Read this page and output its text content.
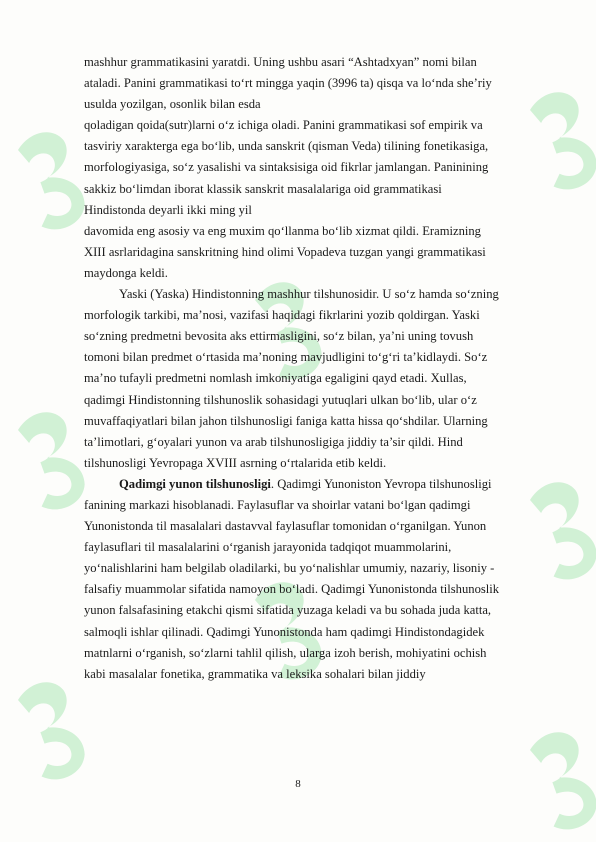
mashhur grammatikasini yaratdi. Uning ushbu asari “Ashtadxyan” nomi bilan
ataladi. Panini grammatikasi to‘rt mingga yaqin (3996 ta) qisqa va lo‘nda she’riy
usulda yozilgan, osonlik bilan esda
qoladigan qoida(sutr)larni o‘z ichiga oladi. Panini grammatikasi sof empirik va
tasviriy xarakterga ega bo‘lib, unda sanskrit (qisman Veda) tilining fonetikasiga,
morfologiyasiga, so‘z yasalishi va sintaksisiga oid fikrlar jamlangan. Paninining
sakkiz bo‘limdan iborat klassik sanskrit masalalariga oid grammatikasi
Hindistonda deyarli ikki ming yil
davomida eng asosiy va eng muxim qo‘llanma bo‘lib xizmat qildi. Eramizning
XIII asrlaridagina sanskritning hind olimi Vopadeva tuzgan yangi grammatikasi
maydonga keldi.
Yaski (Yaska) Hindistonning mashhur tilshunosidir. U so‘z hamda so‘zning
morfologik tarkibi, ma’nosi, vazifasi haqidagi fikrlarini yozib qoldirgan. Yaski
so‘zning predmetni bevosita aks ettirmasligini, so‘z bilan, ya’ni uning tovush
tomoni bilan predmet o‘rtasida ma’noning mavjudligini to‘g‘ri ta’kidlaydi. So‘z
ma’no tufayli predmetni nomlash imkoniyatiga egaligini qayd etadi. Xullas,
qadimgi Hindistonning tilshunoslik sohasidagi yutuqlari ulkan bo‘lib, ular o‘z
muvaffaqiyatlari bilan jahon tilshunosligi faniga katta hissa qo‘shdilar. Ularning
ta’limotlari, g‘oyalari yunon va arab tilshunosligiga jiddiy ta’sir qildi. Hind
tilshunosligi Yevropaga XVIII asrning o‘rtalarida etib keldi.
Qadimgi yunon tilshunosligi. Qadimgi Yunoniston Yevropa tilshunosligi
fanining markazi hisoblanadi. Faylasuflar va shoirlar vatani bo‘lgan qadimgi
Yunonistonda til masalalari dastavval faylasuflar tomonidan o‘rganilgan. Yunon
faylasuflari til masalalarini o‘rganish jarayonida tadqiqot muammolarini,
yo‘nalishlarini ham belgilab oladilarki, bu yo‘nalishlar umumiy, nazariy, lisoniy -
falsafiy muammolar sifatida namoyon bo‘ladi. Qadimgi Yunonistonda tilshunoslik
yunon falsafasining etakchi qismi sifatida yuzaga keladi va bu sohada juda katta,
salmoqli ishlar qilinadi. Qadimgi Yunonistonda ham qadimgi Hindistondagidek
matnlarni o‘rganish, so‘zlarni tahlil qilish, ularga izoh berish, mohiyatini ochish
kabi masalalar fonetika, grammatika va leksika sohalari bilan jiddiy
8
